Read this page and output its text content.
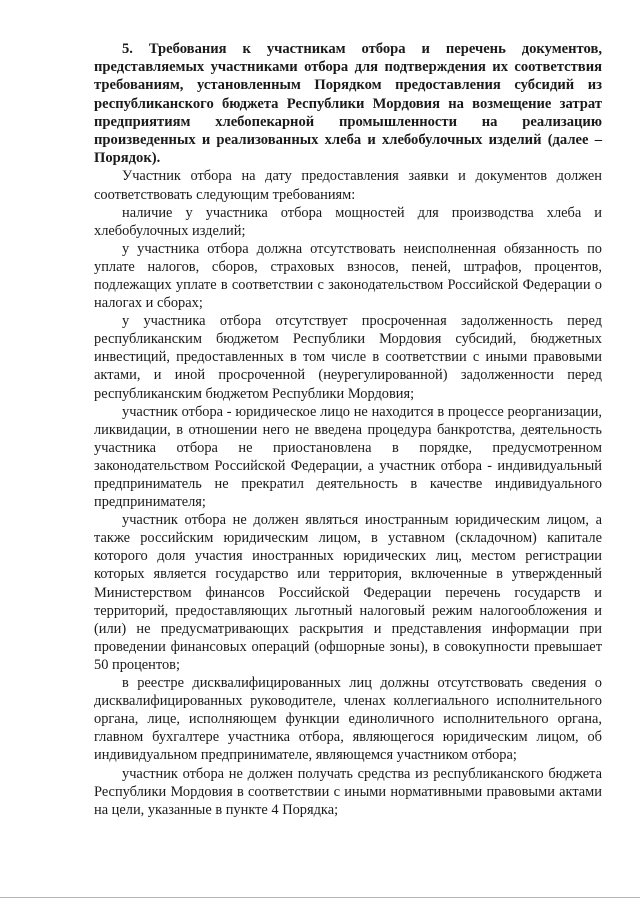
5. Требования к участникам отбора и перечень документов, представляемых участниками отбора для подтверждения их соответствия требованиям, установленным Порядком предоставления субсидий из республиканского бюджета Республики Мордовия на возмещение затрат предприятиям хлебопекарной промышленности на реализацию произведенных и реализованных хлеба и хлебобулочных изделий (далее – Порядок).

Участник отбора на дату предоставления заявки и документов должен соответствовать следующим требованиям:

наличие у участника отбора мощностей для производства хлеба и хлебобулочных изделий;

у участника отбора должна отсутствовать неисполненная обязанность по уплате налогов, сборов, страховых взносов, пеней, штрафов, процентов, подлежащих уплате в соответствии с законодательством Российской Федерации о налогах и сборах;

у участника отбора отсутствует просроченная задолженность перед республиканским бюджетом Республики Мордовия субсидий, бюджетных инвестиций, предоставленных в том числе в соответствии с иными правовыми актами, и иной просроченной (неурегулированной) задолженности перед республиканским бюджетом Республики Мордовия;

участник отбора - юридическое лицо не находится в процессе реорганизации, ликвидации, в отношении него не введена процедура банкротства, деятельность участника отбора не приостановлена в порядке, предусмотренном законодательством Российской Федерации, а участник отбора - индивидуальный предприниматель не прекратил деятельность в качестве индивидуального предпринимателя;

участник отбора не должен являться иностранным юридическим лицом, а также российским юридическим лицом, в уставном (складочном) капитале которого доля участия иностранных юридических лиц, местом регистрации которых является государство или территория, включенные в утвержденный Министерством финансов Российской Федерации перечень государств и территорий, предоставляющих льготный налоговый режим налогообложения и (или) не предусматривающих раскрытия и представления информации при проведении финансовых операций (офшорные зоны), в совокупности превышает 50 процентов;

в реестре дисквалифицированных лиц должны отсутствовать сведения о дисквалифицированных руководителе, членах коллегиального исполнительного органа, лице, исполняющем функции единоличного исполнительного органа, главном бухгалтере участника отбора, являющегося юридическим лицом, об индивидуальном предпринимателе, являющемся участником отбора;

участник отбора не должен получать средства из республиканского бюджета Республики Мордовия в соответствии с иными нормативными правовыми актами на цели, указанные в пункте 4 Порядка;
